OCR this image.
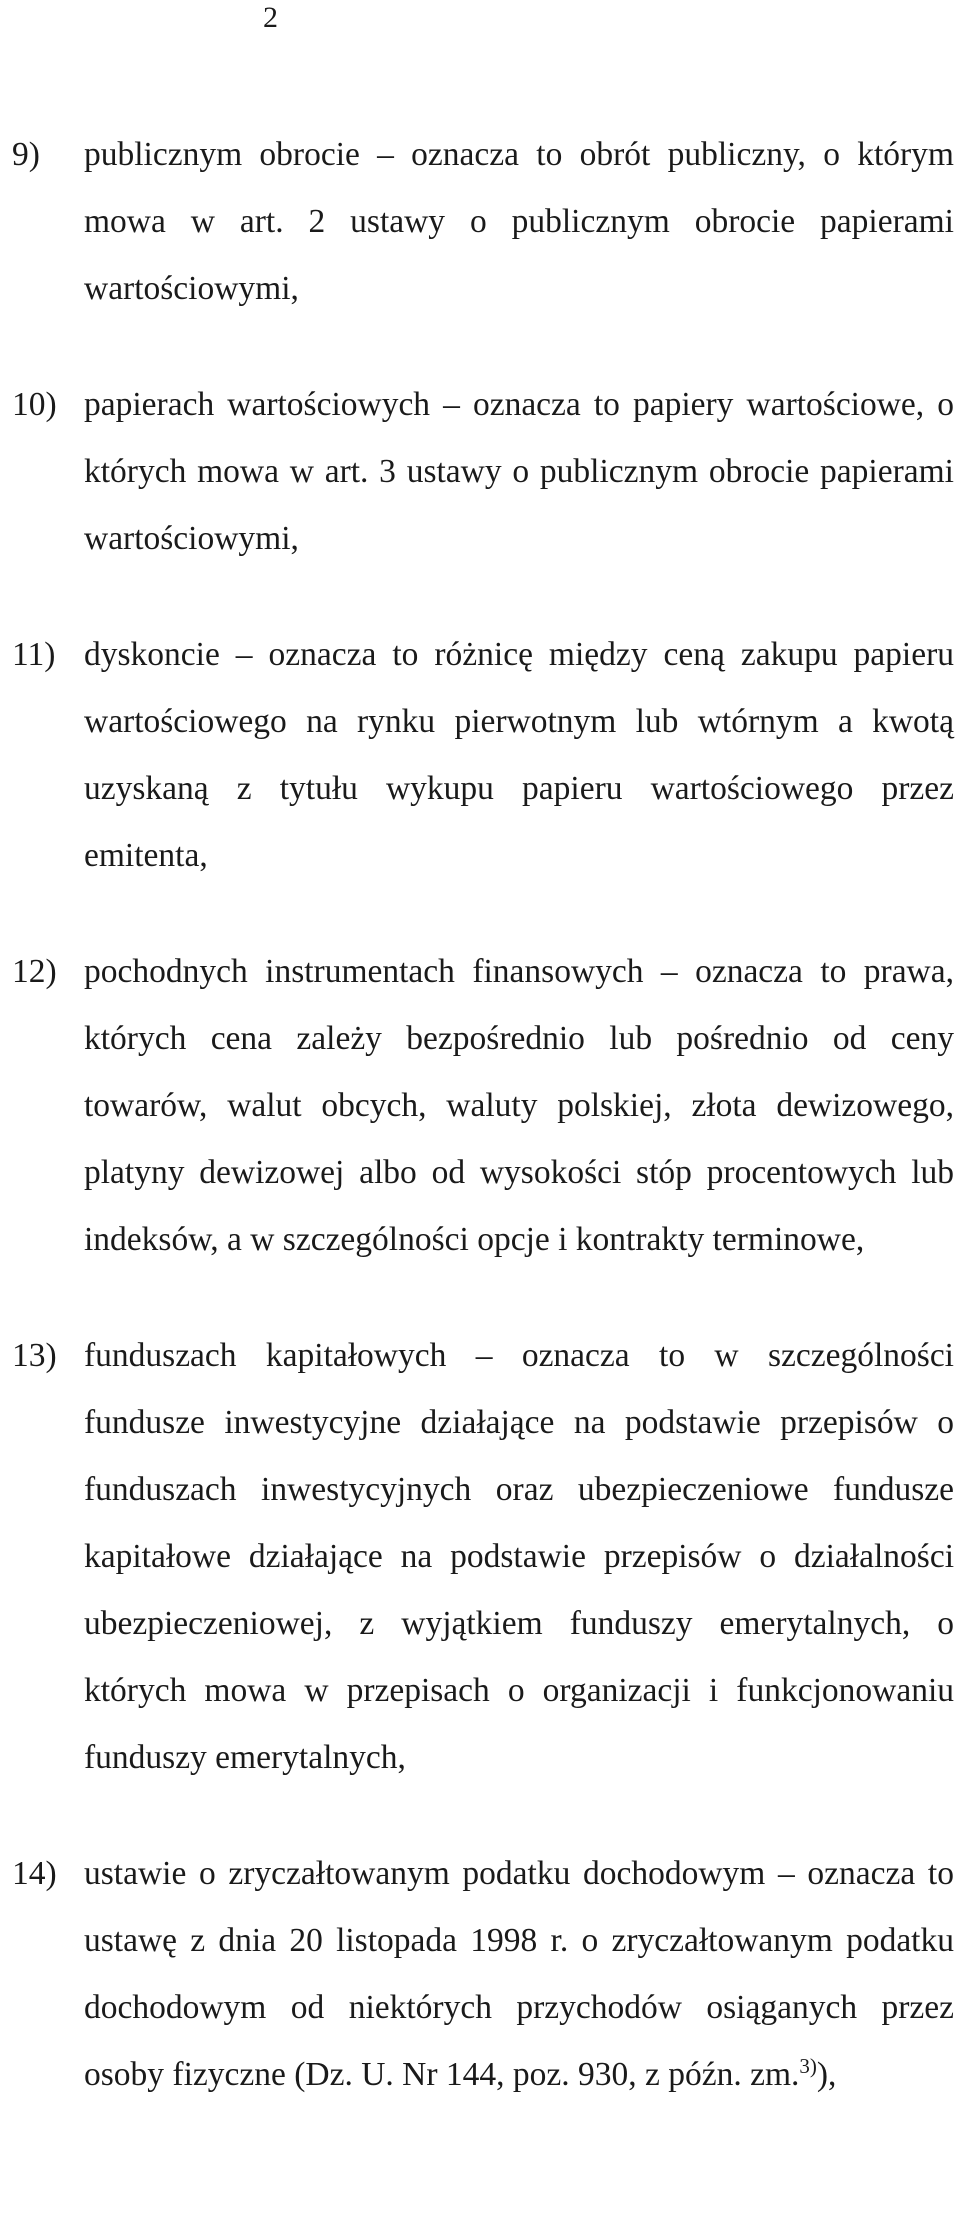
2
9) publicznym obrocie – oznacza to obrót publiczny, o którym mowa w art. 2 ustawy o publicznym obrocie papierami wartościowymi,
10) papierach wartościowych – oznacza to papiery wartościowe, o których mowa w art. 3 ustawy o publicznym obrocie papierami wartościowymi,
11) dyskoncie – oznacza to różnicę między ceną zakupu papieru wartościowego na rynku pierwotnym lub wtórnym a kwotą uzyskaną z tytułu wykupu papieru wartościowego przez emitenta,
12) pochodnych instrumentach finansowych – oznacza to prawa, których cena zależy bezpośrednio lub pośrednio od ceny towarów, walut obcych, waluty polskiej, złota dewizowego, platyny dewizowej albo od wysokości stóp procentowych lub indeksów, a w szczególności opcje i kontrakty terminowe,
13) funduszach kapitałowych – oznacza to w szczególności fundusze inwestycyjne działające na podstawie przepisów o funduszach inwestycyjnych oraz ubezpieczeniowe fundusze kapitałowe działające na podstawie przepisów o działalności ubezpieczeniowej, z wyjątkiem funduszy emerytalnych, o których mowa w przepisach o organizacji i funkcjonowaniu funduszy emerytalnych,
14) ustawie o zryczałtowanym podatku dochodowym – oznacza to ustawę z dnia 20 listopada 1998 r. o zryczałtowanym podatku dochodowym od niektórych przychodów osiąganych przez osoby fizyczne (Dz. U. Nr 144, poz. 930, z późn. zm.$^{3)}$),
